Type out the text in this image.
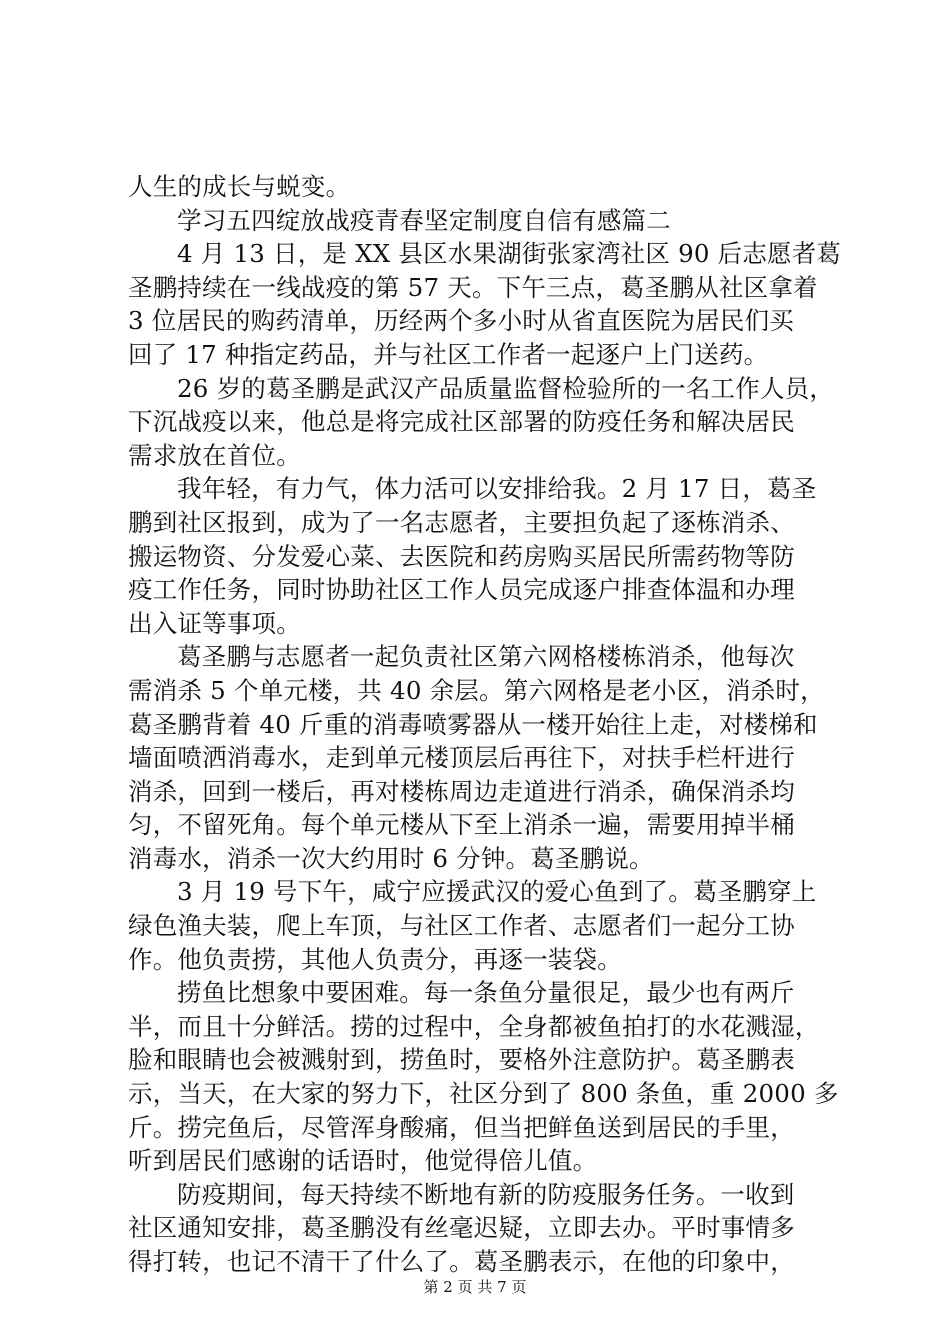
人生的成长与蜕变。
学习五四绽放战疫青春坚定制度自信有感篇二
4 月 13 日，是 XX 县区水果湖街张家湾社区 90 后志愿者葛
圣鹏持续在一线战疫的第 57 天。下午三点，葛圣鹏从社区拿着
3 位居民的购药清单，历经两个多小时从省直医院为居民们买
回了 17 种指定药品，并与社区工作者一起逐户上门送药。
26 岁的葛圣鹏是武汉产品质量监督检验所的一名工作人员，
下沉战疫以来，他总是将完成社区部署的防疫任务和解决居民
需求放在首位。
我年轻，有力气，体力活可以安排给我。2 月 17 日，葛圣
鹏到社区报到，成为了一名志愿者，主要担负起了逐栋消杀、
搬运物资、分发爱心菜、去医院和药房购买居民所需药物等防
疫工作任务，同时协助社区工作人员完成逐户排查体温和办理
出入证等事项。
葛圣鹏与志愿者一起负责社区第六网格楼栋消杀，他每次
需消杀 5 个单元楼，共 40 余层。第六网格是老小区，消杀时，
葛圣鹏背着 40 斤重的消毒喷雾器从一楼开始往上走，对楼梯和
墙面喷洒消毒水，走到单元楼顶层后再往下，对扶手栏杆进行
消杀，回到一楼后，再对楼栋周边走道进行消杀，确保消杀均
匀，不留死角。每个单元楼从下至上消杀一遍，需要用掉半桶
消毒水，消杀一次大约用时 6 分钟。葛圣鹏说。
3 月 19 号下午，咸宁应援武汉的爱心鱼到了。葛圣鹏穿上
绿色渔夫装，爬上车顶，与社区工作者、志愿者们一起分工协
作。他负责捞，其他人负责分，再逐一装袋。
捞鱼比想象中要困难。每一条鱼分量很足，最少也有两斤
半，而且十分鲜活。捞的过程中，全身都被鱼拍打的水花溅湿，
脸和眼睛也会被溅射到，捞鱼时，要格外注意防护。葛圣鹏表
示，当天，在大家的努力下，社区分到了 800 条鱼，重 2000 多
斤。捞完鱼后，尽管浑身酸痛，但当把鲜鱼送到居民的手里，
听到居民们感谢的话语时，他觉得倍儿值。
防疫期间，每天持续不断地有新的防疫服务任务。一收到
社区通知安排，葛圣鹏没有丝毫迟疑，立即去办。平时事情多
得打转，也记不清干了什么了。葛圣鹏表示，在他的印象中，
第 2 页 共 7 页
